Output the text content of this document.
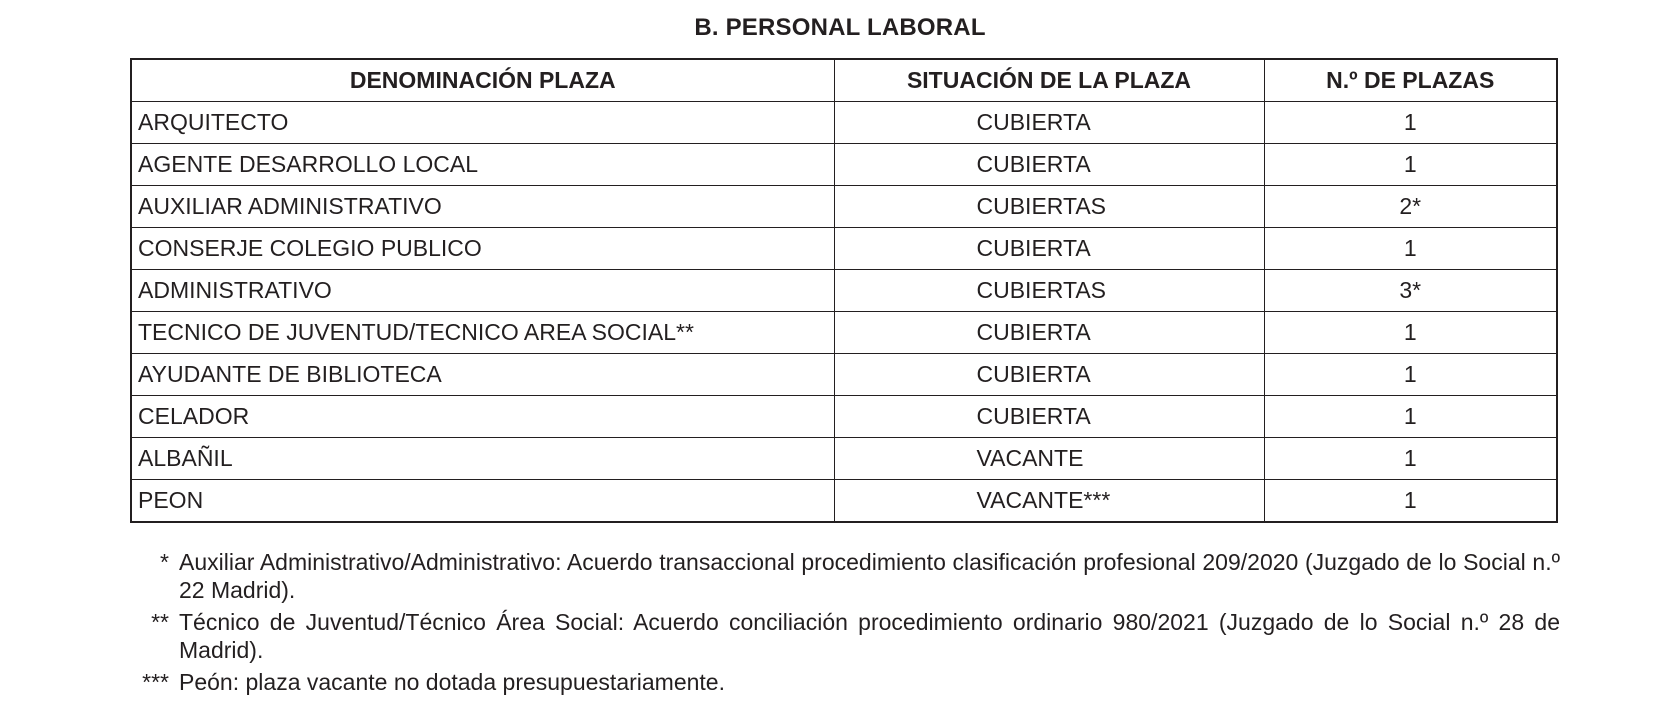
B. PERSONAL LABORAL
DENOMINACIÓN PLAZA	SITUACIÓN DE LA PLAZA	N.º DE PLAZAS
ARQUITECTO	CUBIERTA	1
AGENTE DESARROLLO LOCAL	CUBIERTA	1
AUXILIAR ADMINISTRATIVO	CUBIERTAS	2*
CONSERJE COLEGIO PUBLICO	CUBIERTA	1
ADMINISTRATIVO	CUBIERTAS	3*
TECNICO DE JUVENTUD/TECNICO AREA SOCIAL**	CUBIERTA	1
AYUDANTE DE BIBLIOTECA	CUBIERTA	1
CELADOR	CUBIERTA	1
ALBAÑIL	VACANTE	1
PEON	VACANTE***	1
* Auxiliar Administrativo/Administrativo: Acuerdo transaccional procedimiento clasificación profesional 209/2020 (Juzgado de lo Social n.º 22 Madrid).
** Técnico de Juventud/Técnico Área Social: Acuerdo conciliación procedimiento ordinario 980/2021 (Juzgado de lo Social n.º 28 de Madrid).
*** Peón: plaza vacante no dotada presupuestariamente.
